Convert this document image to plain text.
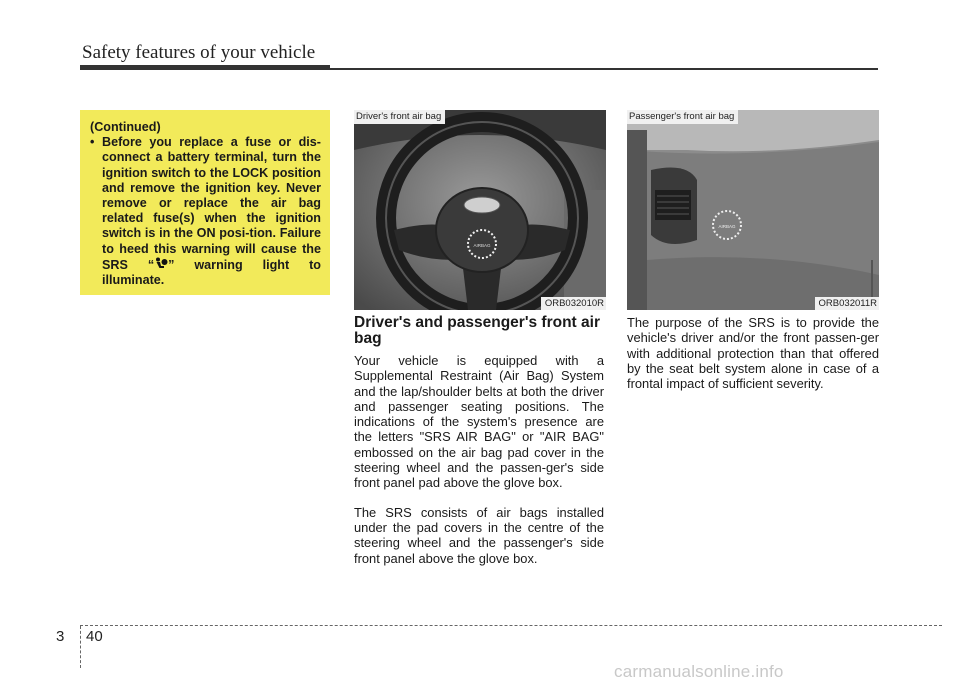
Safety features of your vehicle
(Continued)
• Before you replace a fuse or dis-connect a battery terminal, turn the ignition switch to the LOCK position and remove the ignition key. Never remove or replace the air bag related fuse(s) when the ignition switch is in the ON posi-tion. Failure to heed this warning will cause the SRS “ ” warning light to illuminate.
AIRBAG
Driver's front air bag
ORB032010R
AIRBAG
Passenger's front air bag
ORB032011R
Driver's and passenger's front air bag

Your vehicle is equipped with a Supplemental Restraint (Air Bag) System and the lap/shoulder belts at both the driver and passenger seating positions. The indications of the system's presence are the letters "SRS AIR BAG" or "AIR BAG" embossed on the air bag pad cover in the steering wheel and the passen-ger's side front panel pad above the glove box.

The SRS consists of air bags installed under the pad covers in the centre of the steering wheel and the passenger's side front panel above the glove box.

The purpose of the SRS is to provide the vehicle's driver and/or the front passen-ger with additional protection than that offered by the seat belt system alone in case of a frontal impact of sufficient severity.

3 40
carmanualsonline.info
